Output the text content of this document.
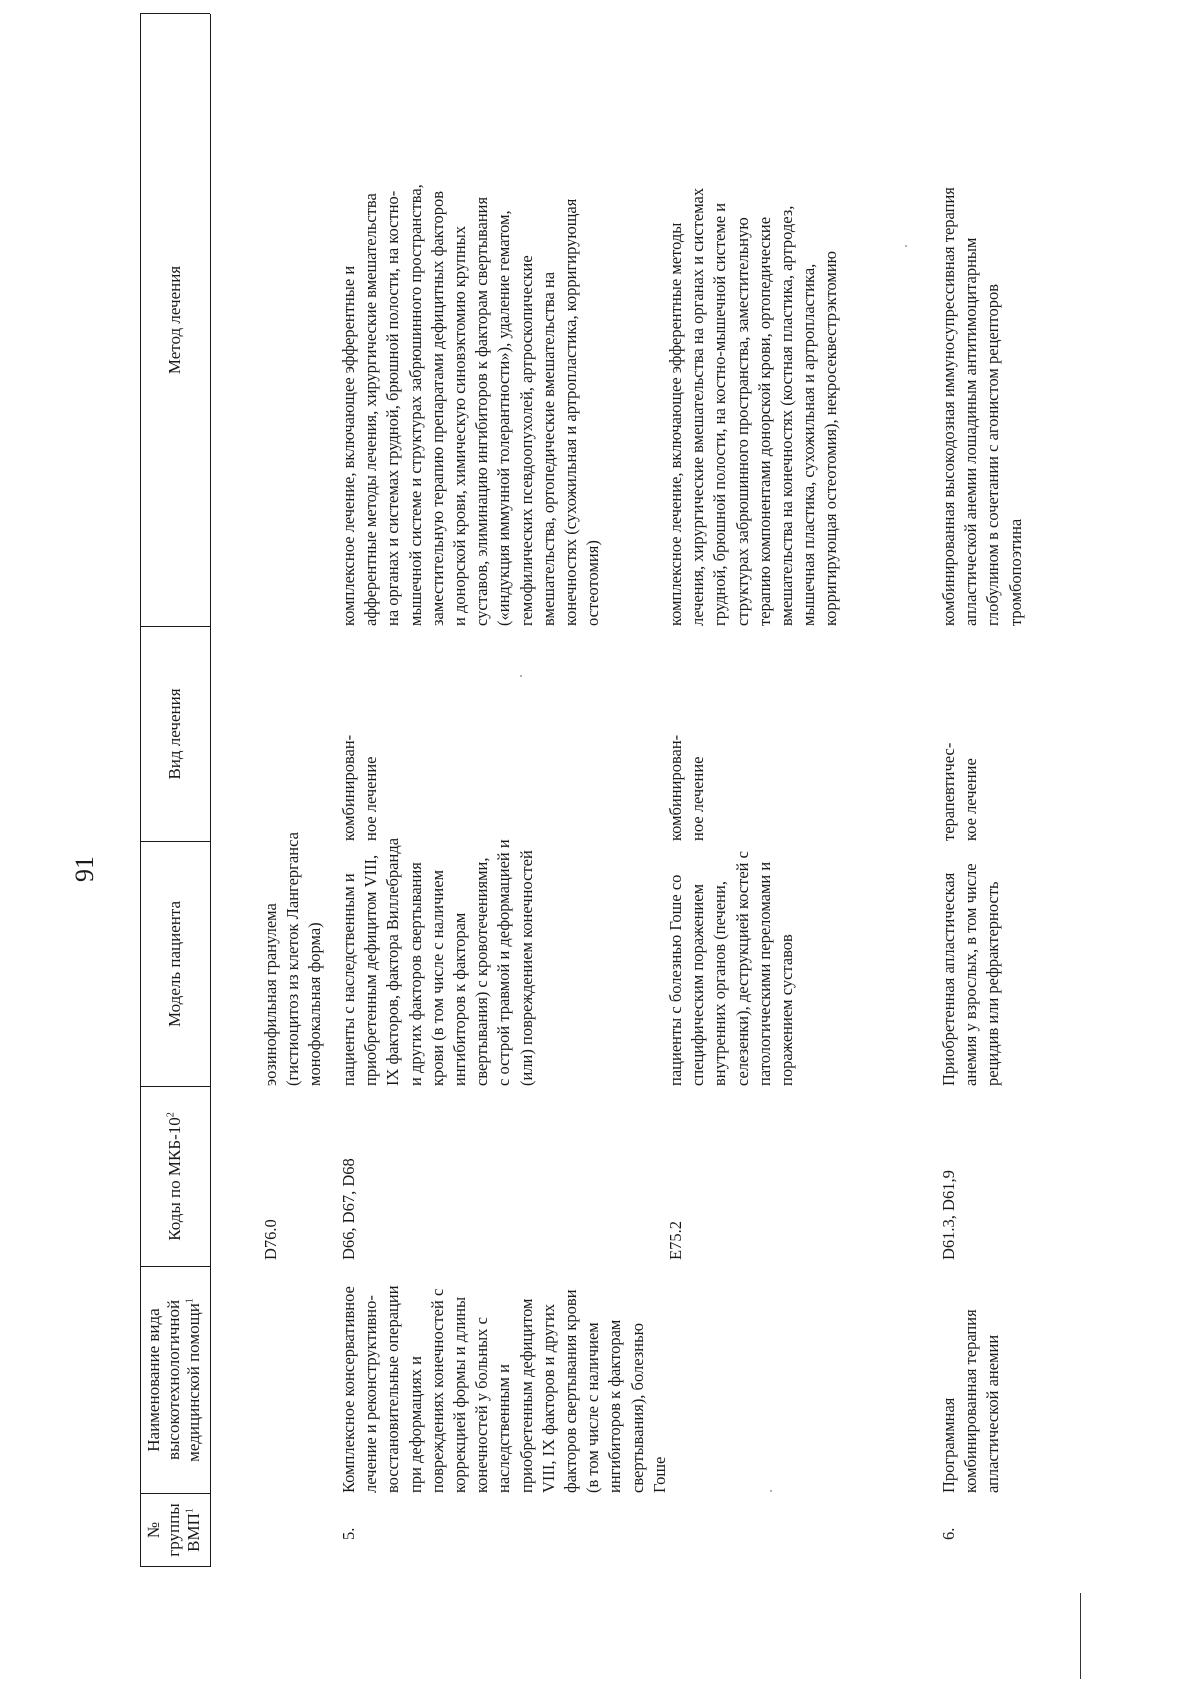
91
№
группы
ВМП$^1$
Наименование вида
высокотехнологичной
медицинской помощи$^1$
Коды по МКБ-$10^2$
Модель пациента
Вид лечения
Метод лечения
D76.0
эозинофильная гранулема
(гистиоцитоз из клеток Лангерганса
монофокальная форма)
5.
Комплексное консервативное
лечение и реконструктивно-
восстановительные операции
при деформациях и
повреждениях конечностей с
коррекцией формы и длины
конечностей у больных с
наследственным и
приобретенным дефицитом
VIII, IX факторов и других
факторов свертывания крови
(в том числе с наличием
ингибиторов к факторам
свертывания), болезнью
Гоше
D66, D67, D68
пациенты с наследственным и
приобретенным дефицитом VIII,
IX факторов, фактора Виллебранда
и других факторов свертывания
крови (в том числе с наличием
ингибиторов к факторам
свертывания) с кровотечениями,
с острой травмой и деформацией и
(или) повреждением конечностей
комбинирован-
ное лечение
комплексное лечение, включающее эфферентные и
афферентные методы лечения, хирургические вмешательства
на органах и системах грудной, брюшной полости, на костно-
мышечной системе и структурах забрюшинного пространства,
заместительную терапию препаратами дефицитных факторов
и донорской крови, химическую синовэктомию крупных
суставов, элиминацию ингибиторов к факторам свертывания
(«индукция иммунной толерантности»), удаление гематом,
гемофилических псевдоопухолей, артроскопические
вмешательства, ортопедические вмешательства на
конечностях (сухожильная и артропластика, корригирующая
остеотомия)
E75.2
пациенты с болезнью Гоше со
специфическим поражением
внутренних органов (печени,
селезенки), деструкцией костей с
патологическими переломами и
поражением суставов
комбинирован-
ное лечение
комплексное лечение, включающее эфферентные методы
лечения, хирургические вмешательства на органах и системах
грудной, брюшной полости, на костно-мышечной системе и
структурах забрюшинного пространства, заместительную
терапию компонентами донорской крови, ортопедические
вмешательства на конечностях (костная пластика, артродез,
мышечная пластика, сухожильная и артропластика,
корригирующая остеотомия), некросеквестрэктомию
6.
Программная
комбинированная терапия
апластической анемии
D61.3, D61,9
Приобретенная апластическая
анемия у взрослых, в том числе
рецидив или рефрактерность
терапевтичес-
кое лечение
комбинированная высокодозная иммуносупрессивная терапия
апластической анемии лошадиным антитимоцитарным
глобулином в сочетании с агонистом рецепторов
тромбопоэтина
